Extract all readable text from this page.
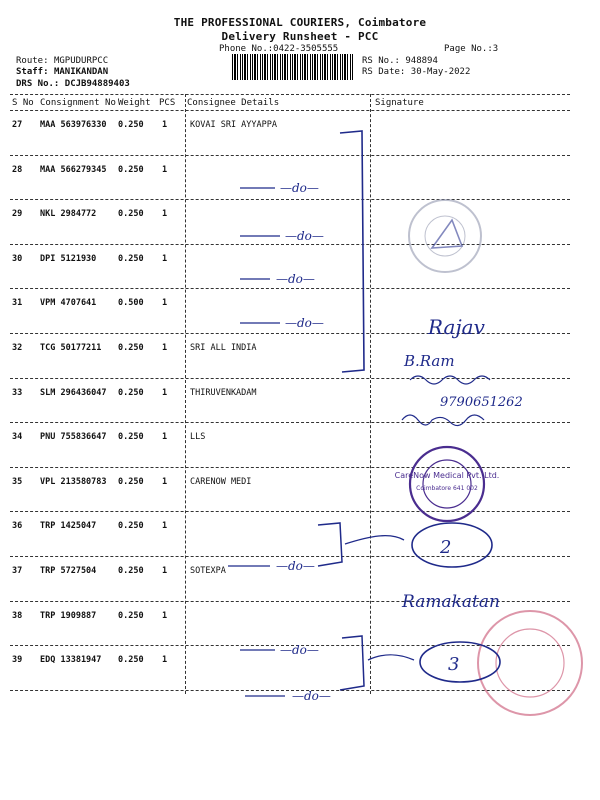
THE PROFESSIONAL COURIERS, Coimbatore
Delivery Runsheet - PCC
Phone No.:0422-3505555	Page No.:3
Route: MGPUDURPCC
Staff: MANIKANDAN
DRS No.: DCJB94889403
RS No.: 948894
RS Date: 30-May-2022
S No Consignment No Weight PCS Consignee Details	Signature
27 MAA 563976330 0.250 1	KOVAI SRI AYYAPPA
28 MAA 566279345 0.250 1
29 NKL 2984772	0.250 1
30 DPI 5121930	0.250 1
31 VPM 4707641	0.500 1
32 TCG 50177211 0.250 1	SRI ALL INDIA
33 SLM 296436047 0.250 1	THIRUVENKADAM
34 PNU 755836647 0.250 1	LLS
35 VPL 213580783 0.250 1	CARENOW MEDI
36 TRP 1425047	0.250 1
37 TRP 5727504	0.250 1	SOTEXPA
38 TRP 1909887	0.250 1
39 EDQ 13381947 0.250 1
—do—
—do—
—do—
—do—	Rajav
B.Ram
9790651262
CareNow Medical Pvt. Ltd.
Coimbatore 641 002
—do—
2
Ramakatan
—do—
—do—
3
